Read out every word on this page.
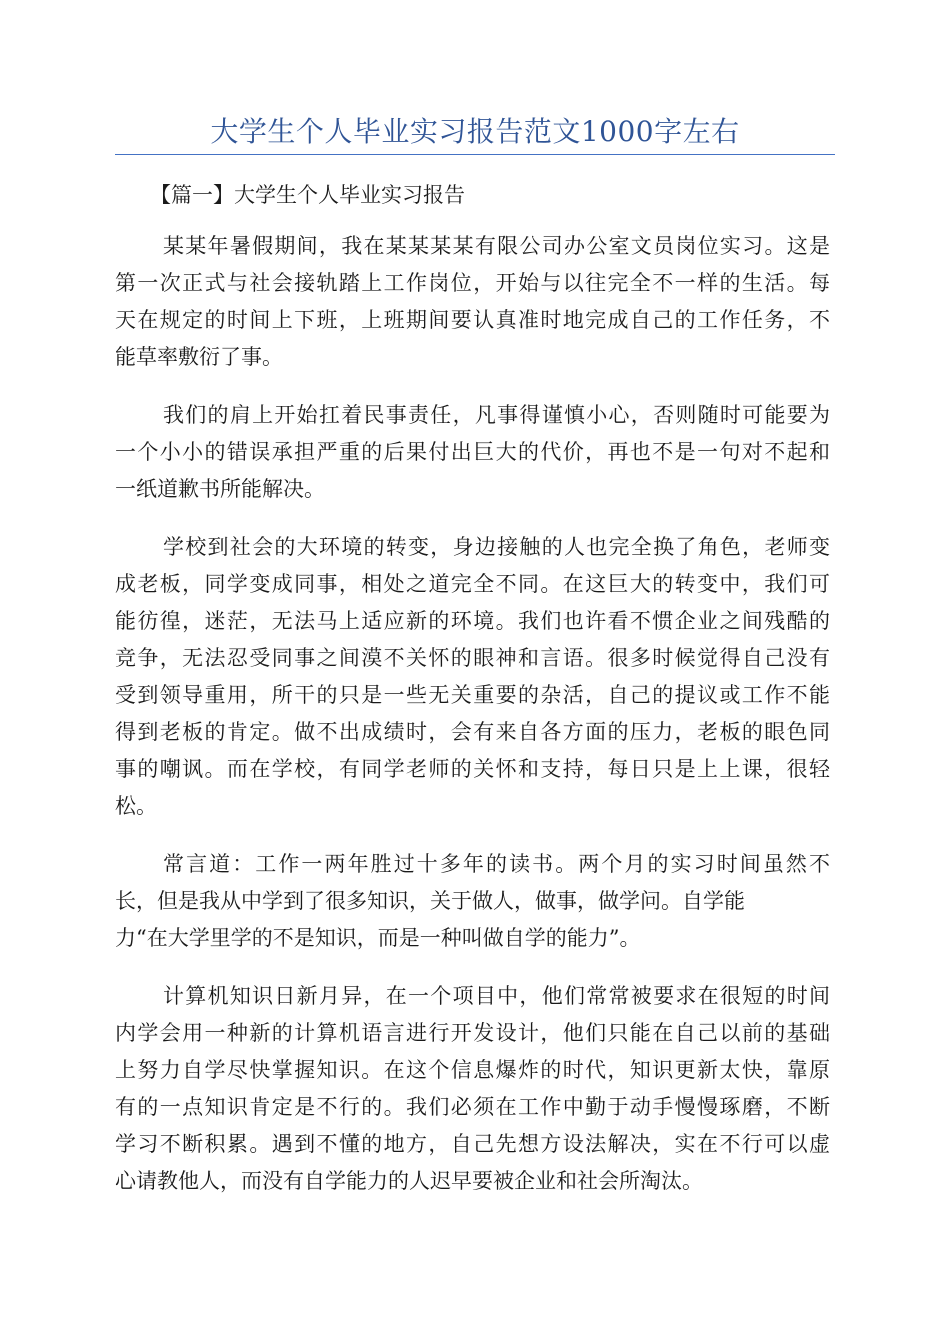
大学生个人毕业实习报告范文1000字左右
【篇一】大学生个人毕业实习报告

某某年暑假期间，我在某某某某有限公司办公室文员岗位实习。这是
第一次正式与社会接轨踏上工作岗位，开始与以往完全不一样的生活。每
天在规定的时间上下班，上班期间要认真准时地完成自己的工作任务，不
能草率敷衍了事。

我们的肩上开始扛着民事责任，凡事得谨慎小心，否则随时可能要为
一个小小的错误承担严重的后果付出巨大的代价，再也不是一句对不起和
一纸道歉书所能解决。

学校到社会的大环境的转变，身边接触的人也完全换了角色，老师变
成老板，同学变成同事，相处之道完全不同。在这巨大的转变中，我们可
能彷徨，迷茫，无法马上适应新的环境。我们也许看不惯企业之间残酷的
竞争，无法忍受同事之间漠不关怀的眼神和言语。很多时候觉得自己没有
受到领导重用，所干的只是一些无关重要的杂活，自己的提议或工作不能
得到老板的肯定。做不出成绩时，会有来自各方面的压力，老板的眼色同
事的嘲讽。而在学校，有同学老师的关怀和支持，每日只是上上课，很轻
松。

常言道：工作一两年胜过十多年的读书。两个月的实习时间虽然不
长，但是我从中学到了很多知识，关于做人，做事，做学问。自学能
力“在大学里学的不是知识，而是一种叫做自学的能力”。

计算机知识日新月异，在一个项目中，他们常常被要求在很短的时间
内学会用一种新的计算机语言进行开发设计，他们只能在自己以前的基础
上努力自学尽快掌握知识。在这个信息爆炸的时代，知识更新太快，靠原
有的一点知识肯定是不行的。我们必须在工作中勤于动手慢慢琢磨，不断
学习不断积累。遇到不懂的地方，自己先想方设法解决，实在不行可以虚
心请教他人，而没有自学能力的人迟早要被企业和社会所淘汰。
